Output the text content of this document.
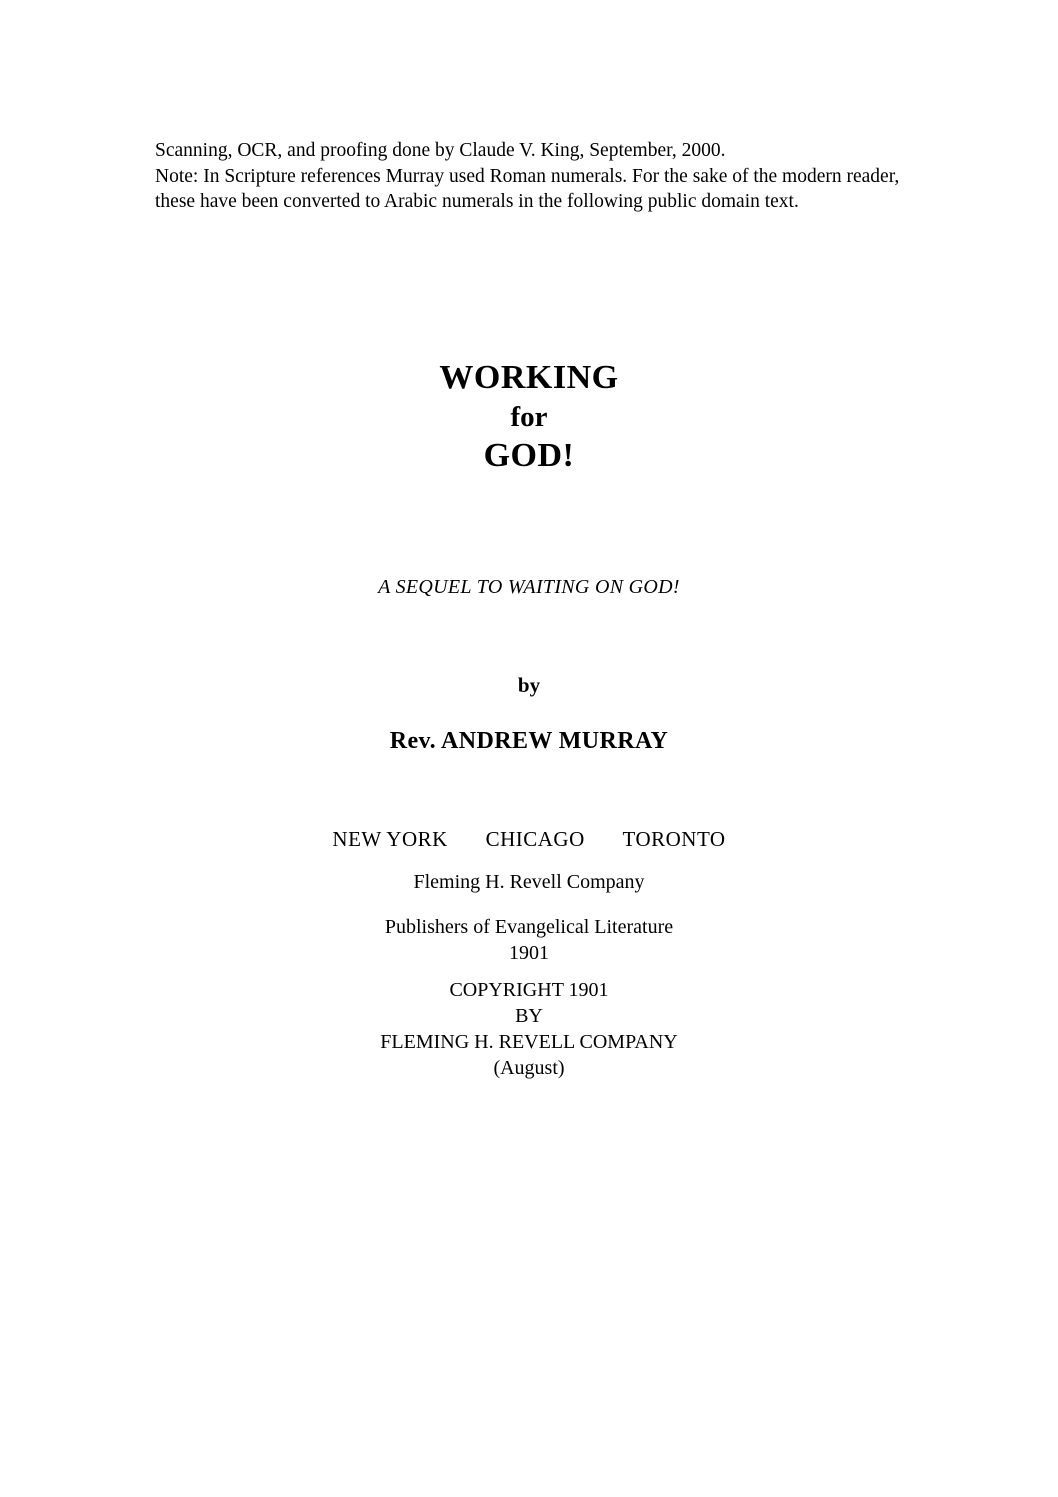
Scanning, OCR, and proofing done by Claude V. King, September, 2000.
Note: In Scripture references Murray used Roman numerals. For the sake of the modern reader,
these have been converted to Arabic numerals in the following public domain text.
WORKING
for
GOD!
A SEQUEL TO WAITING ON GOD!
by
Rev. ANDREW MURRAY
NEW YORK CHICAGO TORONTO
Fleming H. Revell Company
Publishers of Evangelical Literature
1901
COPYRIGHT 1901
BY
FLEMING H. REVELL COMPANY
(August)
